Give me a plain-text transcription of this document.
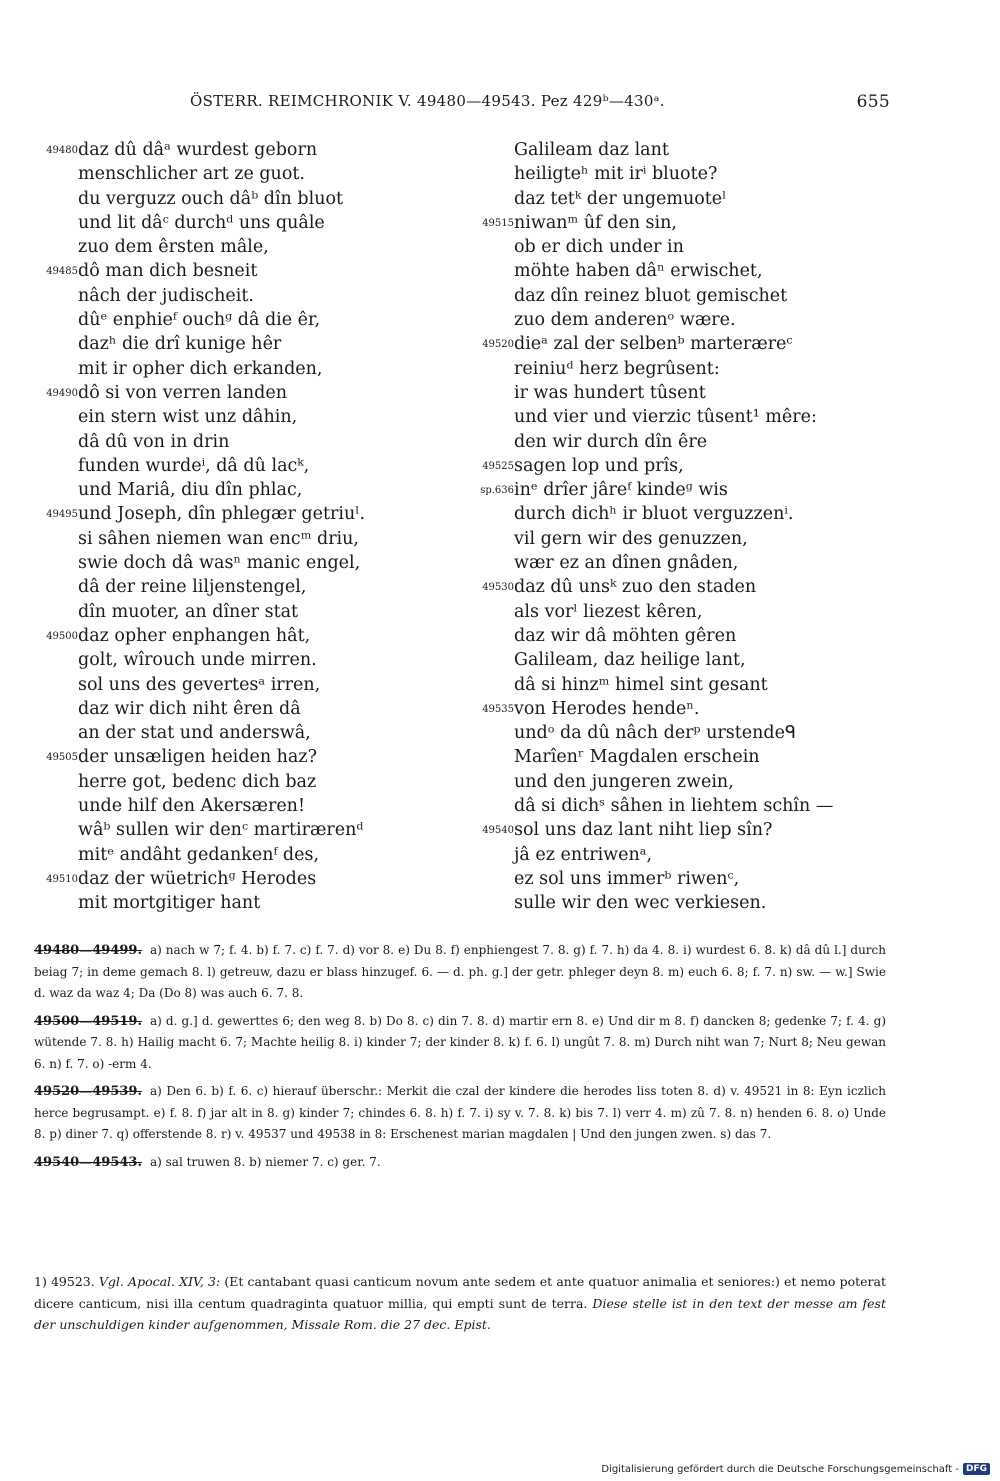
ÖSTERR. REIMCHRONIK V. 49480—49543. Pez 429ᵇ—430ᵃ.	655
49480 daz dû dâᵃ wurdest geborn
menschlicher art ze guot.
du verguzz ouch dâᵇ dîn bluot
und lit dâᶜ durchᵈ uns quâle
zuo dem êrsten mâle,
49485 dô man dich besneit
nâch der judischeit.
dûᵉ enphieᶠ ouchᵍ dâ die êr,
dazʰ die drî kunige hêr
mit ir opher dich erkanden,
49490 dô si von verren landen
ein stern wist unz dâhin,
dâ dû von in drin
funden wurdeⁱ, dâ dû lacᵏ,
und Mariâ, diu dîn phlac,
49495 und Joseph, dîn phlegær getriuˡ.
si sâhen niemen wan encᵐ driu,
swie doch dâ wasⁿ manic engel,
dâ der reine liljenstengel,
dîn muoter, an dîner stat
49500 daz opher enphangen hât,
golt, wîrouch unde mirren.
sol uns des gevertesᵃ irren,
daz wir dich niht êren dâ
an der stat und anderswâ,
49505 der unsæligen heiden haz?
herre got, bedenc dich baz
unde hilf den Akersæren!
wâᵇ sullen wir denᶜ martirærenᵈ
mitᵉ andâht gedankenᶠ des,
49510 daz der wüetrichᵍ Herodes
mit mortgitiger hant
Galileam daz lant
heiligteʰ mit irⁱ bluote?
daz tetᵏ der ungemuoteˡ
49515 niwanᵐ ûf den sin,
ob er dich under in
möhte haben dâⁿ erwischet,
daz dîn reinez bluot gemischet
zuo dem anderenᵒ wære.
49520 dieᵃ zal der selbenᵇ marteræreᶜ
reiniuᵈ herz begrûsent:
ir was hundert tûsent
und vier und vierzic tûsent¹ mêre:
den wir durch dîn êre
49525 sagen lop und prîs,
sp.636 inᵉ drîer jâreᶠ kindeᵍ wis
durch dichʰ ir bluot verguzzenⁱ.
vil gern wir des genuzzen,
wær ez an dînen gnâden,
49530 daz dû unsᵏ zuo den staden
als vorˡ liezest kêren,
daz wir dâ möhten gêren
Galileam, daz heilige lant,
dâ si hinzᵐ himel sint gesant
49535 von Herodes hendeⁿ.
undᵒ da dû nâch derᵖ urstendeᑫ
Marîenʳ Magdalen erschein
und den jungeren zwein,
dâ si dichˢ sâhen in liehtem schîn —
49540 sol uns daz lant niht liep sîn?
jâ ez entriwenᵃ,
ez sol uns immerᵇ riwenᶜ,
sulle wir den wec verkiesen.
49480—49499. a) nach w 7; f. 4. b) f. 7. c) f. 7. d) vor 8. e) Du 8. f) enphiengest 7. 8. g) f. 7. h) da 4. 8. i) wurdest 6. 8. k) dâ dû l.] durch beiag 7; in deme gemach 8. l) getreuw, dazu er blass hinzugef. 6. — d. ph. g.] der getr. phleger deyn 8. m) euch 6. 8; f. 7. n) sw. — w.] Swie d. waz da waz 4; Da (Do 8) was auch 6. 7. 8.
49500—49519. a) d. g.] d. gewerttes 6; den weg 8. b) Do 8. c) din 7. 8. d) martir ern 8. e) Und dir m 8. f) dancken 8; gedenke 7; f. 4. g) wütende 7. 8. h) Hailig macht 6. 7; Machte heilig 8. i) kinder 7; der kinder 8. k) f. 6. l) ungût 7. 8. m) Durch niht wan 7; Nurt 8; Neu gewan 6. n) f. 7. o) -erm 4.
49520—49539. a) Den 6. b) f. 6. c) hierauf überschr.: Merkit die czal der kindere die herodes liss toten 8. d) v. 49521 in 8: Eyn iczlich herce begrusampt. e) f. 8. f) jar alt in 8. g) kinder 7; chindes 6. 8. h) f. 7. i) sy v. 7. 8. k) bis 7. l) verr 4. m) zû 7. 8. n) henden 6. 8. o) Unde 8. p) diner 7. q) offerstende 8. r) v. 49537 und 49538 in 8: Erschenest marian magdalen | Und den jungen zwen. s) das 7.
49540—49543. a) sal truwen 8. b) niemer 7. c) ger. 7.
1) 49523. Vgl. Apocal. XIV, 3: (Et cantabant quasi canticum novum ante sedem et ante quatuor animalia et seniores:) et nemo poterat dicere canticum, nisi illa centum quadraginta quatuor millia, qui empti sunt de terra. Diese stelle ist in den text der messe am fest der unschuldigen kinder aufgenommen, Missale Rom. die 27 dec. Epist.
Digitalisierung gefördert durch die Deutsche Forschungsgemeinschaft - DFG
